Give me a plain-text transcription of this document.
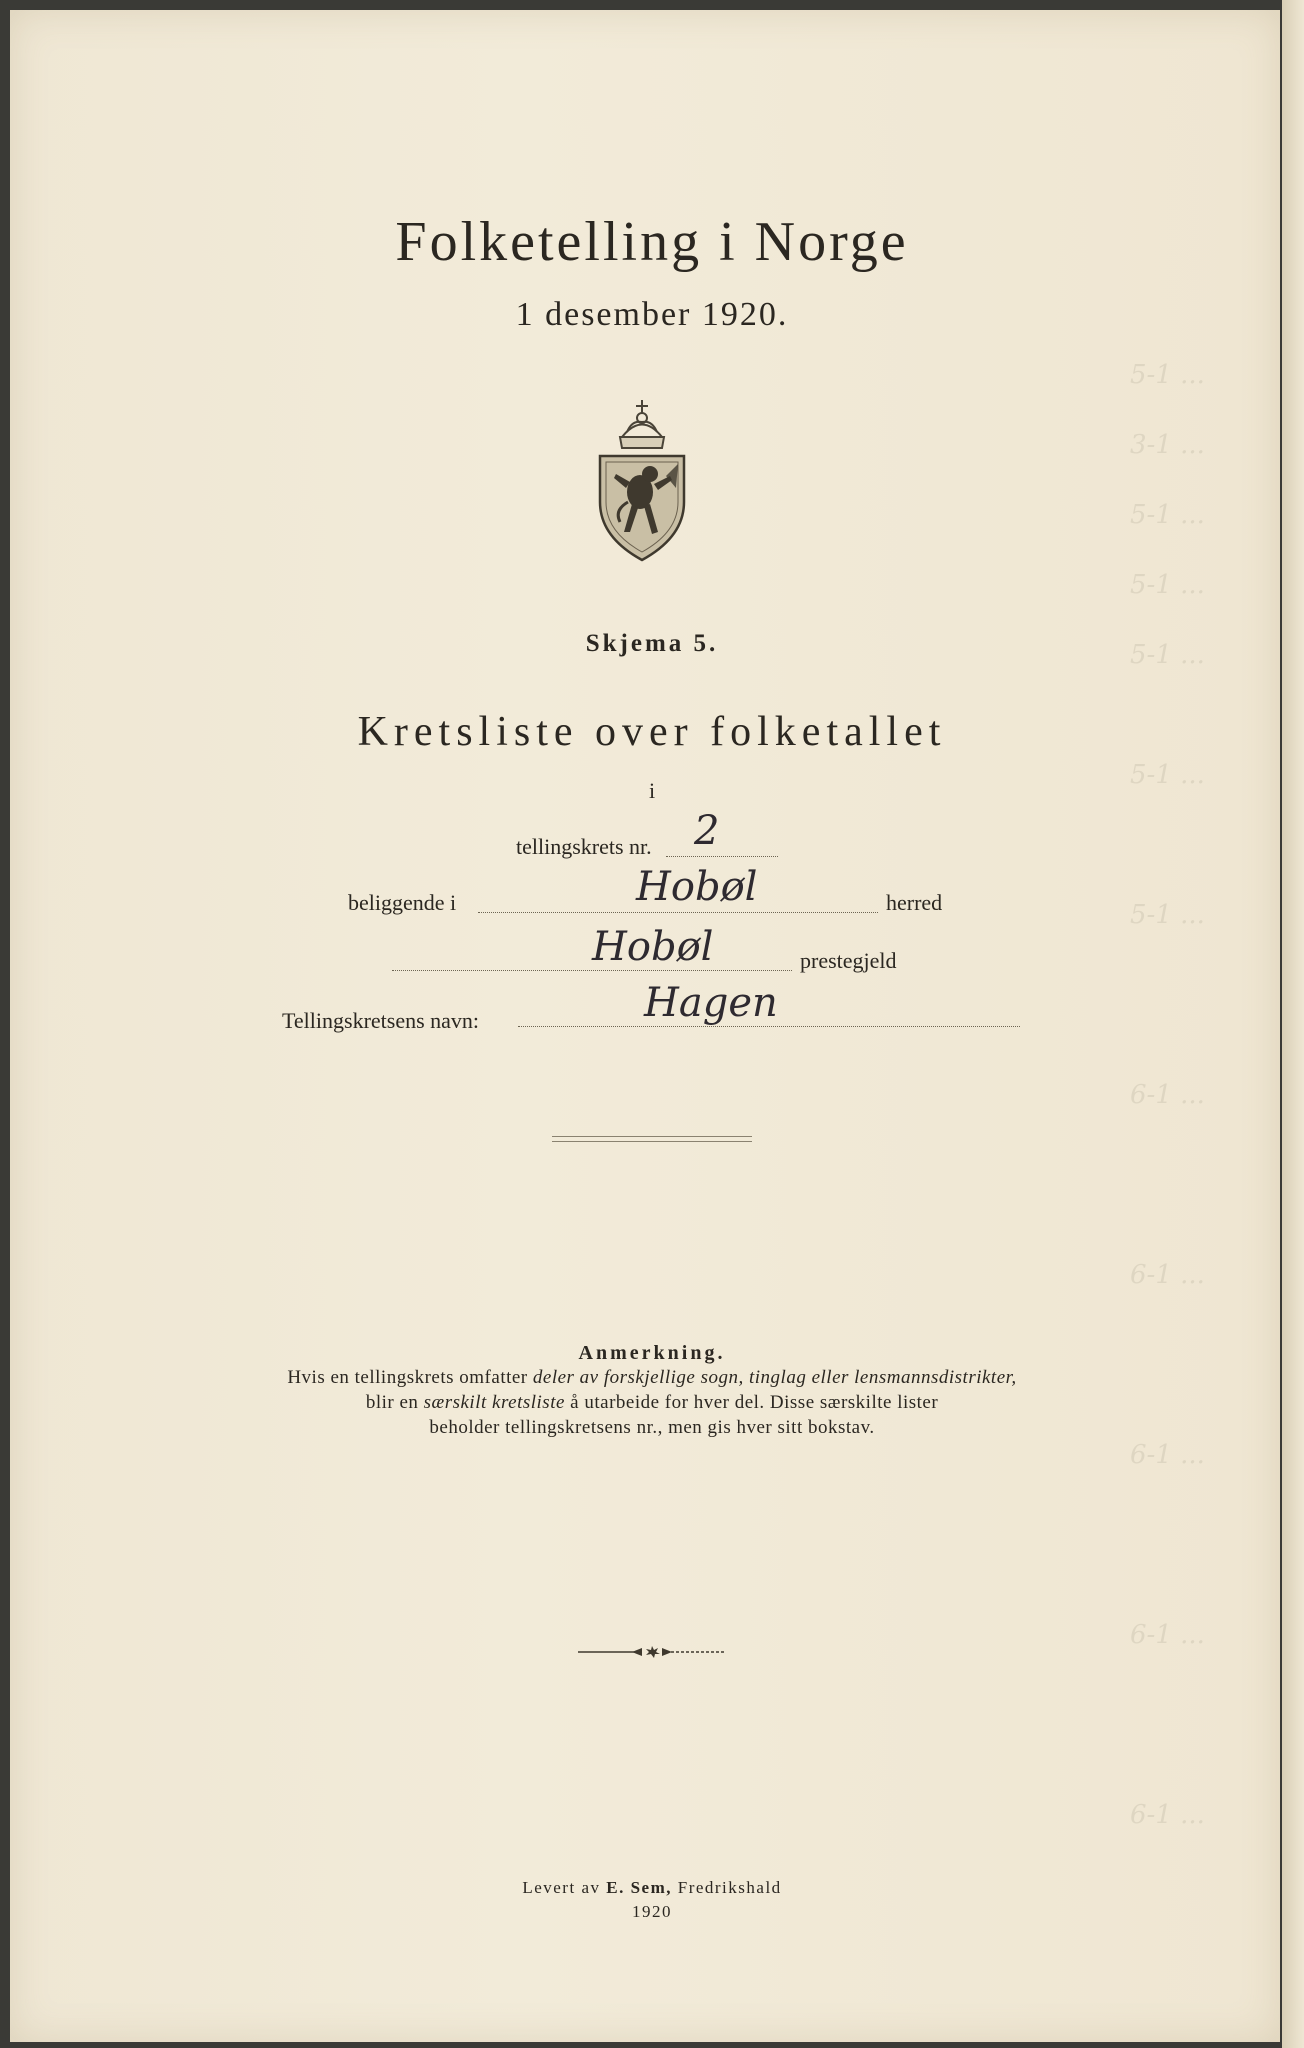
5-1 ...
3-1 ...
5-1 ...
5-1 ...
5-1 ...
5-1 ...
5-1 ...
6-1 ...
6-1 ...
6-1 ...
6-1 ...
6-1 ...
Folketelling i Norge
1 desember 1920.
Skjema 5.
Kretsliste over folketallet
i
tellingskrets nr. 2
beliggende i	Hobøl	herred
Hobøl	prestegjeld
Tellingskretsens navn:	Hagen
Anmerkning.
Hvis en tellingskrets omfatter deler av forskjellige sogn, tinglag eller lensmannsdistrikter,
blir en særskilt kretsliste å utarbeide for hver del. Disse særskilte lister
beholder tellingskretsens nr., men gis hver sitt bokstav.
Levert av E. Sem, Fredrikshald
1920
